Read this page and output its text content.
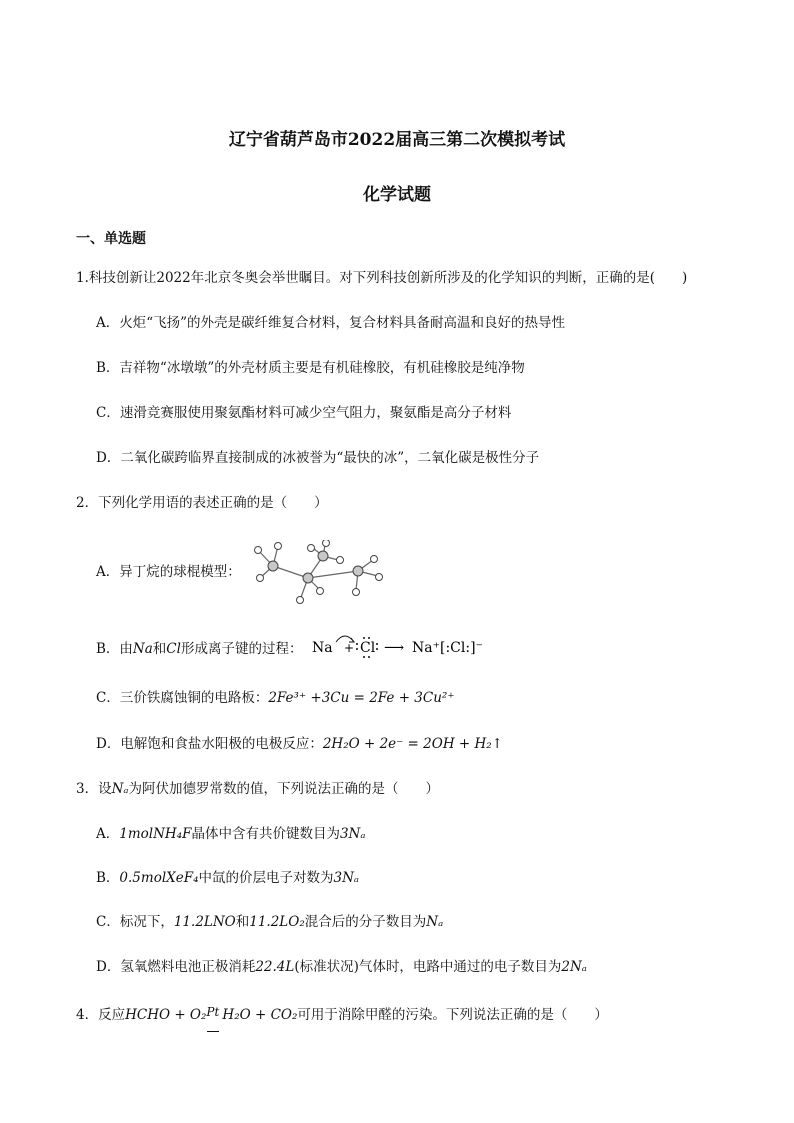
辽宁省葫芦岛市2022届高三第二次模拟考试
化学试题
一、单选题
1.科技创新让2022年北京冬奥会举世瞩目。对下列科技创新所涉及的化学知识的判断，正确的是(　　)
A．火炬“飞扬”的外壳是碳纤维复合材料，复合材料具备耐高温和良好的热导性
B．吉祥物“冰墩墩”的外壳材质主要是有机硅橡胶，有机硅橡胶是纯净物
C．速滑竞赛服使用聚氨酯材料可减少空气阻力，聚氨酯是高分子材料
D．二氧化碳跨临界直接制成的冰被誉为“最快的冰”，二氧化碳是极性分子
2．下列化学用语的表述正确的是（　　）
A．异丁烷的球棍模型：
B．由Na和Cl形成离子键的过程： Na + Cl ⟶ Na⁺[:Cl:]⁻
C．三价铁腐蚀铜的电路板：2Fe³⁺ +3Cu = 2Fe + 3Cu²⁺
D．电解饱和食盐水阳极的电极反应：2H₂O + 2e⁻ = 2OH + H₂↑
3．设Nₐ为阿伏加德罗常数的值，下列说法正确的是（　　）
A．1molNH₄F晶体中含有共价键数目为3Nₐ
B．0.5molXeF₄中氙的价层电子对数为3Nₐ
C．标况下，11.2LNO和11.2LO₂混合后的分子数目为Nₐ
D．氢氧燃料电池正极消耗22.4L(标准状况)气体时，电路中通过的电子数目为2Nₐ
4．反应HCHO + O₂ Pt H₂O + CO₂可用于消除甲醛的污染。下列说法正确的是（　　）
